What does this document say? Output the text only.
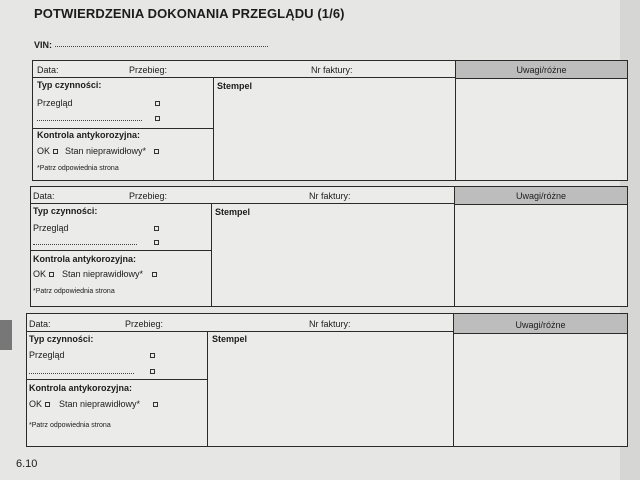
POTWIERDZENIA DOKONANIA PRZEGLĄDU (1/6)
VIN:
Data:	Przebieg:	Nr faktury:	Uwagi/różne
Stempel
Typ czynności:
Przegląd
Kontrola antykorozyjna:
OK Stan nieprawidłowy*
*Patrz odpowiednia strona
Data:	Przebieg:	Nr faktury:	Uwagi/różne
Stempel
Typ czynności:
Przegląd
Kontrola antykorozyjna:
OK Stan nieprawidłowy*
*Patrz odpowiednia strona
Data:	Przebieg:	Nr faktury:	Uwagi/różne
Stempel
Typ czynności:
Przegląd
Kontrola antykorozyjna:
OK Stan nieprawidłowy*
*Patrz odpowiednia strona
6.10
